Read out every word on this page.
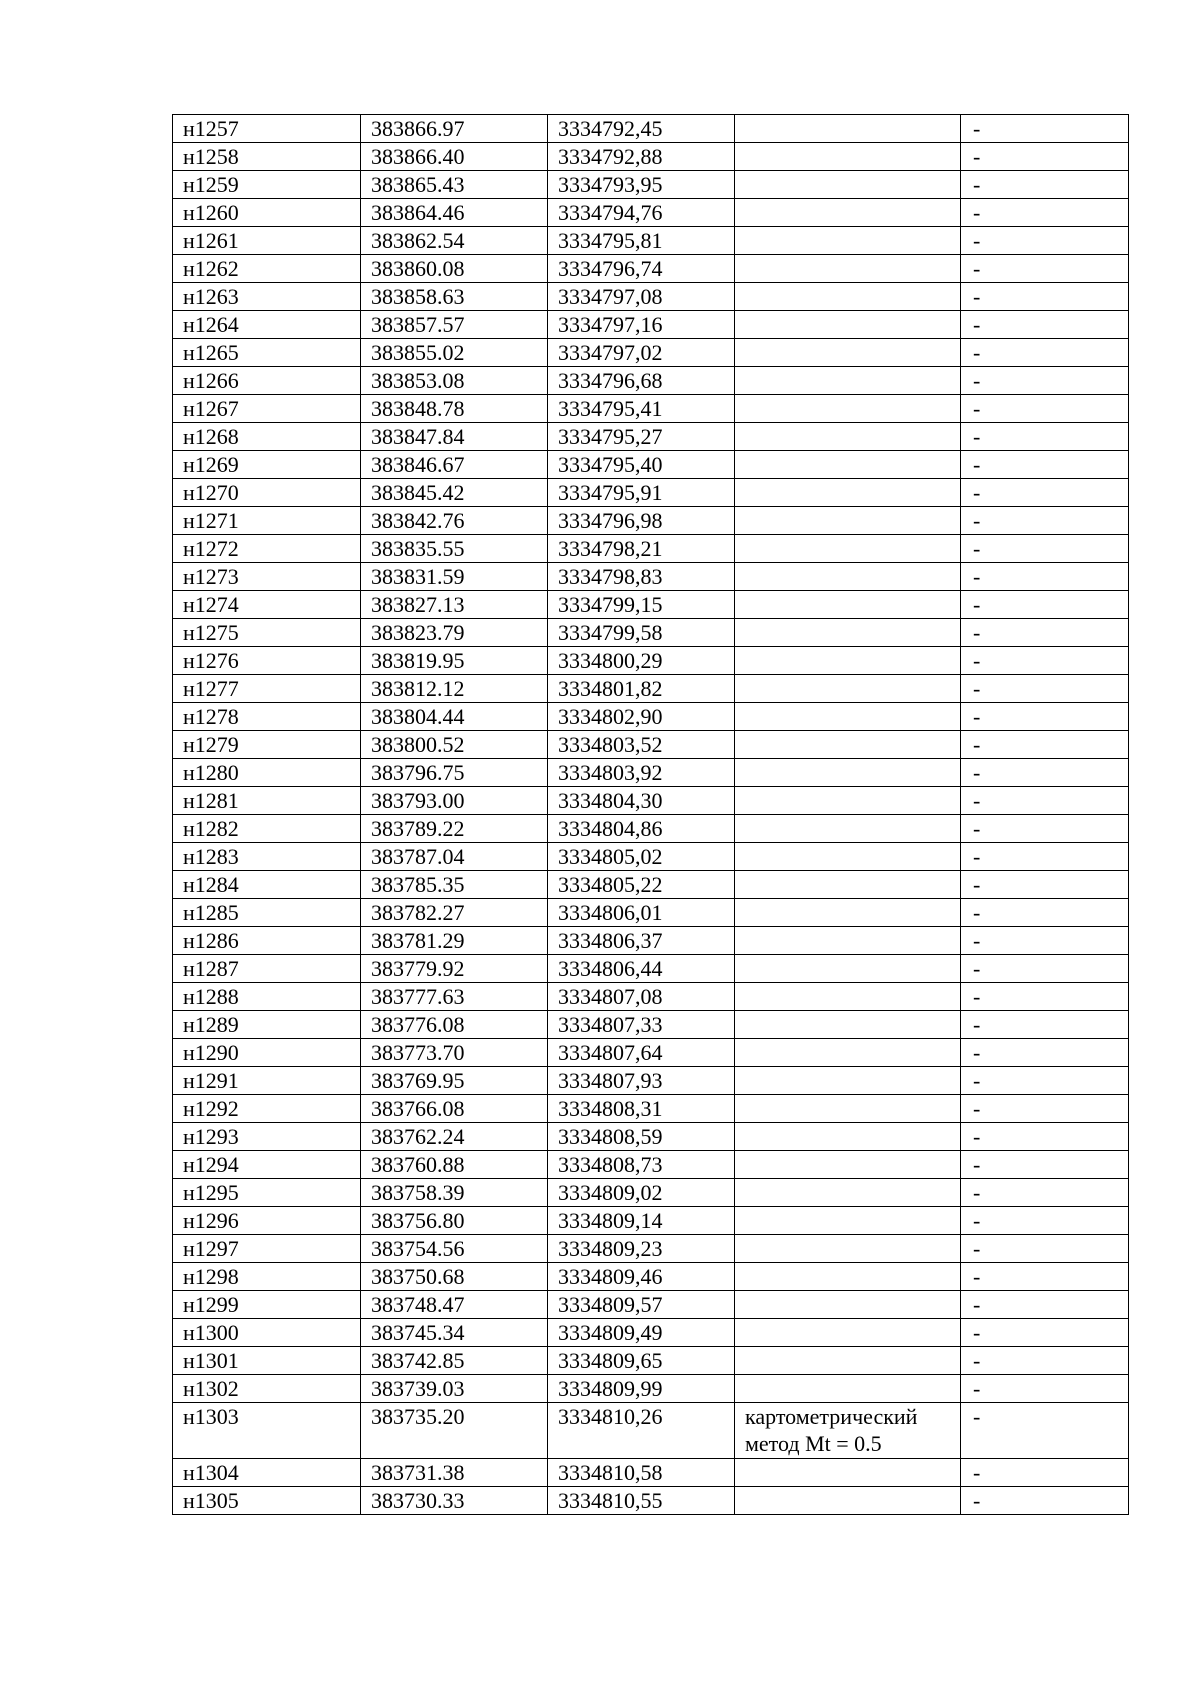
н1257	383866.97	3334792,45		-
н1258	383866.40	3334792,88		-
н1259	383865.43	3334793,95		-
н1260	383864.46	3334794,76		-
н1261	383862.54	3334795,81		-
н1262	383860.08	3334796,74		-
н1263	383858.63	3334797,08		-
н1264	383857.57	3334797,16		-
н1265	383855.02	3334797,02		-
н1266	383853.08	3334796,68		-
н1267	383848.78	3334795,41		-
н1268	383847.84	3334795,27		-
н1269	383846.67	3334795,40		-
н1270	383845.42	3334795,91		-
н1271	383842.76	3334796,98		-
н1272	383835.55	3334798,21		-
н1273	383831.59	3334798,83		-
н1274	383827.13	3334799,15		-
н1275	383823.79	3334799,58		-
н1276	383819.95	3334800,29		-
н1277	383812.12	3334801,82		-
н1278	383804.44	3334802,90		-
н1279	383800.52	3334803,52		-
н1280	383796.75	3334803,92		-
н1281	383793.00	3334804,30		-
н1282	383789.22	3334804,86		-
н1283	383787.04	3334805,02		-
н1284	383785.35	3334805,22		-
н1285	383782.27	3334806,01		-
н1286	383781.29	3334806,37		-
н1287	383779.92	3334806,44		-
н1288	383777.63	3334807,08		-
н1289	383776.08	3334807,33		-
н1290	383773.70	3334807,64		-
н1291	383769.95	3334807,93		-
н1292	383766.08	3334808,31		-
н1293	383762.24	3334808,59		-
н1294	383760.88	3334808,73		-
н1295	383758.39	3334809,02		-
н1296	383756.80	3334809,14		-
н1297	383754.56	3334809,23		-
н1298	383750.68	3334809,46		-
н1299	383748.47	3334809,57		-
н1300	383745.34	3334809,49		-
н1301	383742.85	3334809,65		-
н1302	383739.03	3334809,99		-
н1303	383735.20	3334810,26	картометрический метод Mt = 0.5	-
н1304	383731.38	3334810,58		-
н1305	383730.33	3334810,55		-
